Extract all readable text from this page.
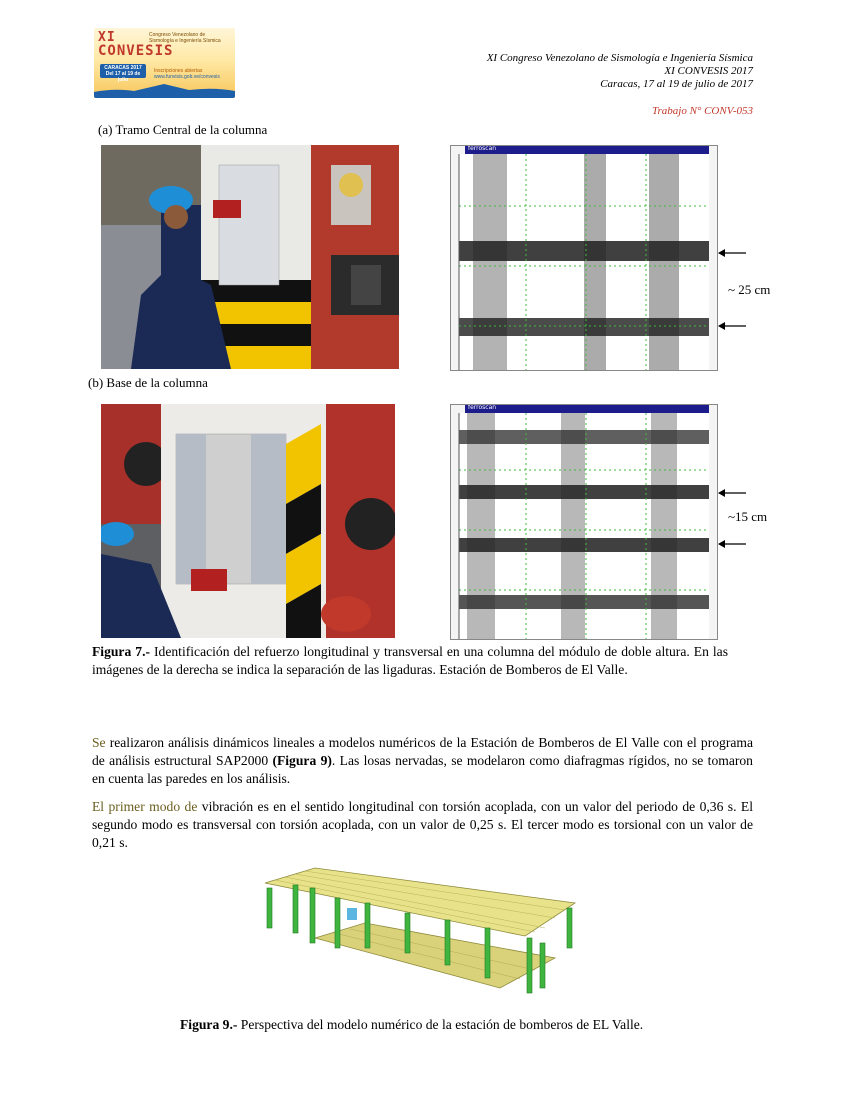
XI
CONVESIS
Congreso Venezolano de Sismología e Ingeniería Sísmica
CARACAS 2017
Del 17 al 19 de julio
Inscripciones abiertas
www.funvisis.gob.ve/convesis
XI Congreso Venezolano de Sismología e Ingeniería Sísmica
XI CONVESIS 2017
Caracas, 17 al 19 de julio de 2017
Trabajo N° CONV-053
(a) Tramo Central de la columna
ferroscan
~ 25 cm
(b) Base de la columna
ferroscan
~15 cm
Figura 7.- Identificación del refuerzo longitudinal y transversal en una columna del módulo de doble altura. En las imágenes de la derecha se indica la separación de las ligaduras. Estación de Bomberos de El Valle.
Se realizaron análisis dinámicos lineales a modelos numéricos de la Estación de Bomberos de El Valle con el programa de análisis estructural SAP2000 (Figura 9). Las losas nervadas, se modelaron como diafragmas rígidos, no se tomaron en cuenta las paredes en los análisis.
El primer modo de vibración es en el sentido longitudinal con torsión acoplada, con un valor del periodo de 0,36 s. El segundo modo es transversal con torsión acoplada, con un valor de 0,25 s. El tercer modo es torsional con un valor de 0,21 s.
Figura 9.- Perspectiva del modelo numérico de la estación de bomberos de EL Valle.
